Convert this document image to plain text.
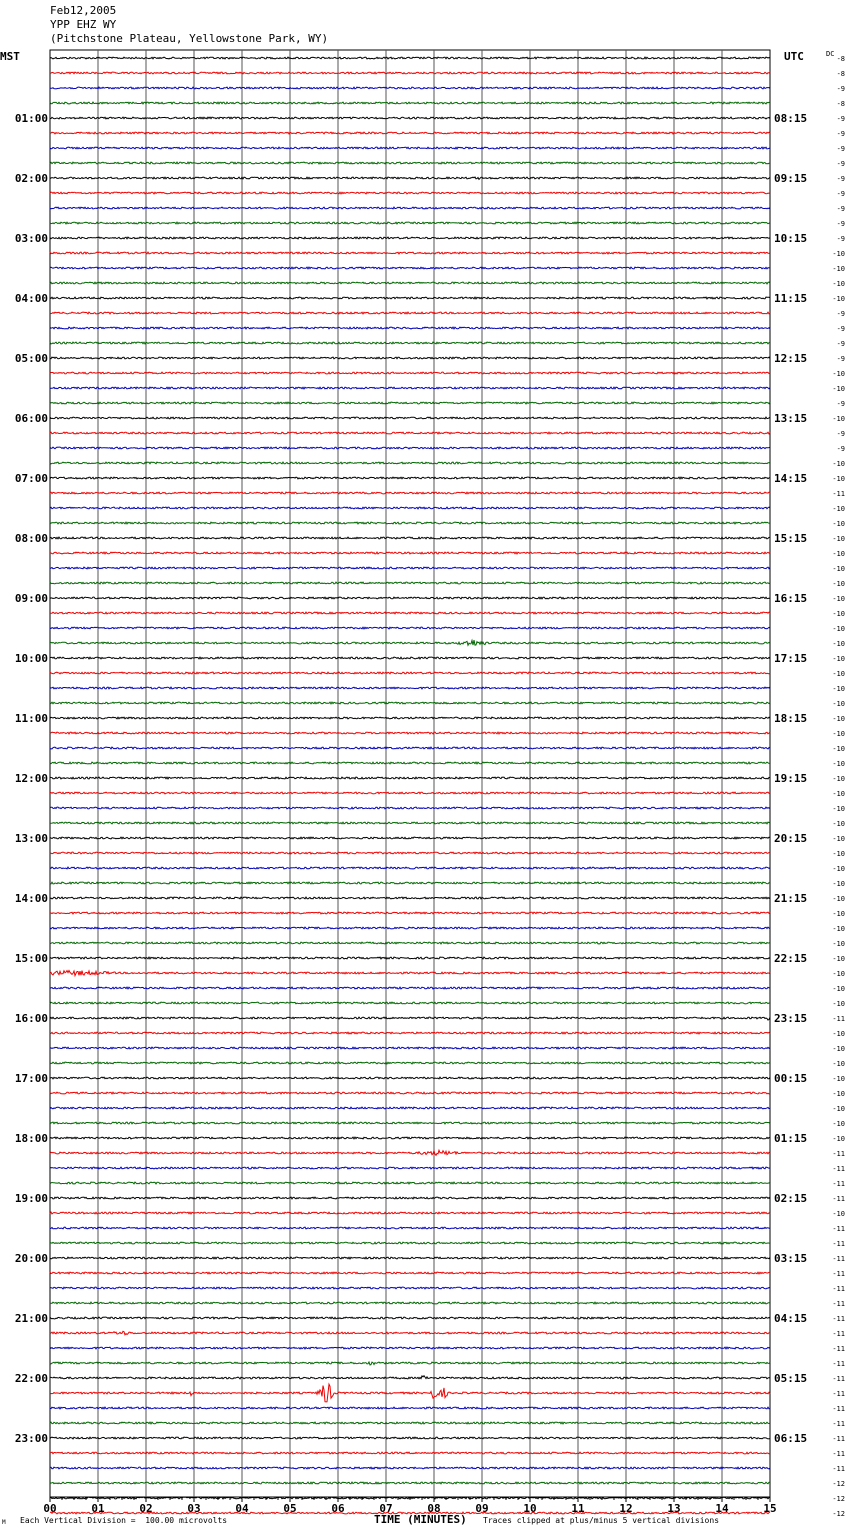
Feb12,2005
YPP EHZ WY
(Pitchstone Plateau, Yellowstone Park, WY)
MST	UTC	DC
00	01	02	03	04	05	06	07	08	09	10	11	12	13	14	15
-8
-8
-9
-8
-9
-9
-9
-9
-9
-9
-9
-9
-9
-10
-10
-10
-10
-9
-9
-9
-9
-10
-10
-9
-10
-9
-9
-10
-10
-11
-10
-10
-10
-10
-10
-10
-10
-10
-10
-10
-10
-10
-10
-10
-10
-10
-10
-10
-10
-10
-10
-10
-10
-10
-10
-10
-10
-10
-10
-10
-10
-10
-10
-10
-11
-10
-10
-10
-10
-10
-10
-10
-10
-11
-11
-11
-11
-10
-11
-11
-11
-11
-11
-11
-11
-11
-11
-11
-11
-11
-11
-11
-11
-11
-11
-12
-12
-12
01:00
02:00
03:00
04:00
05:00
06:00
07:00
08:00
09:00
10:00
11:00
12:00
13:00
14:00
15:00
16:00
17:00
18:00
19:00
20:00
21:00
22:00
23:00
08:15
09:15
10:15
11:15
12:15
13:15
14:15
15:15
16:15
17:15
18:15
19:15
20:15
21:15
22:15
23:15
00:15
01:15
02:15
03:15
04:15
05:15
06:15
M Each Vertical Division =  100.00 microvolts	TIME (MINUTES) Traces clipped at plus/minus 5 vertical divisions
